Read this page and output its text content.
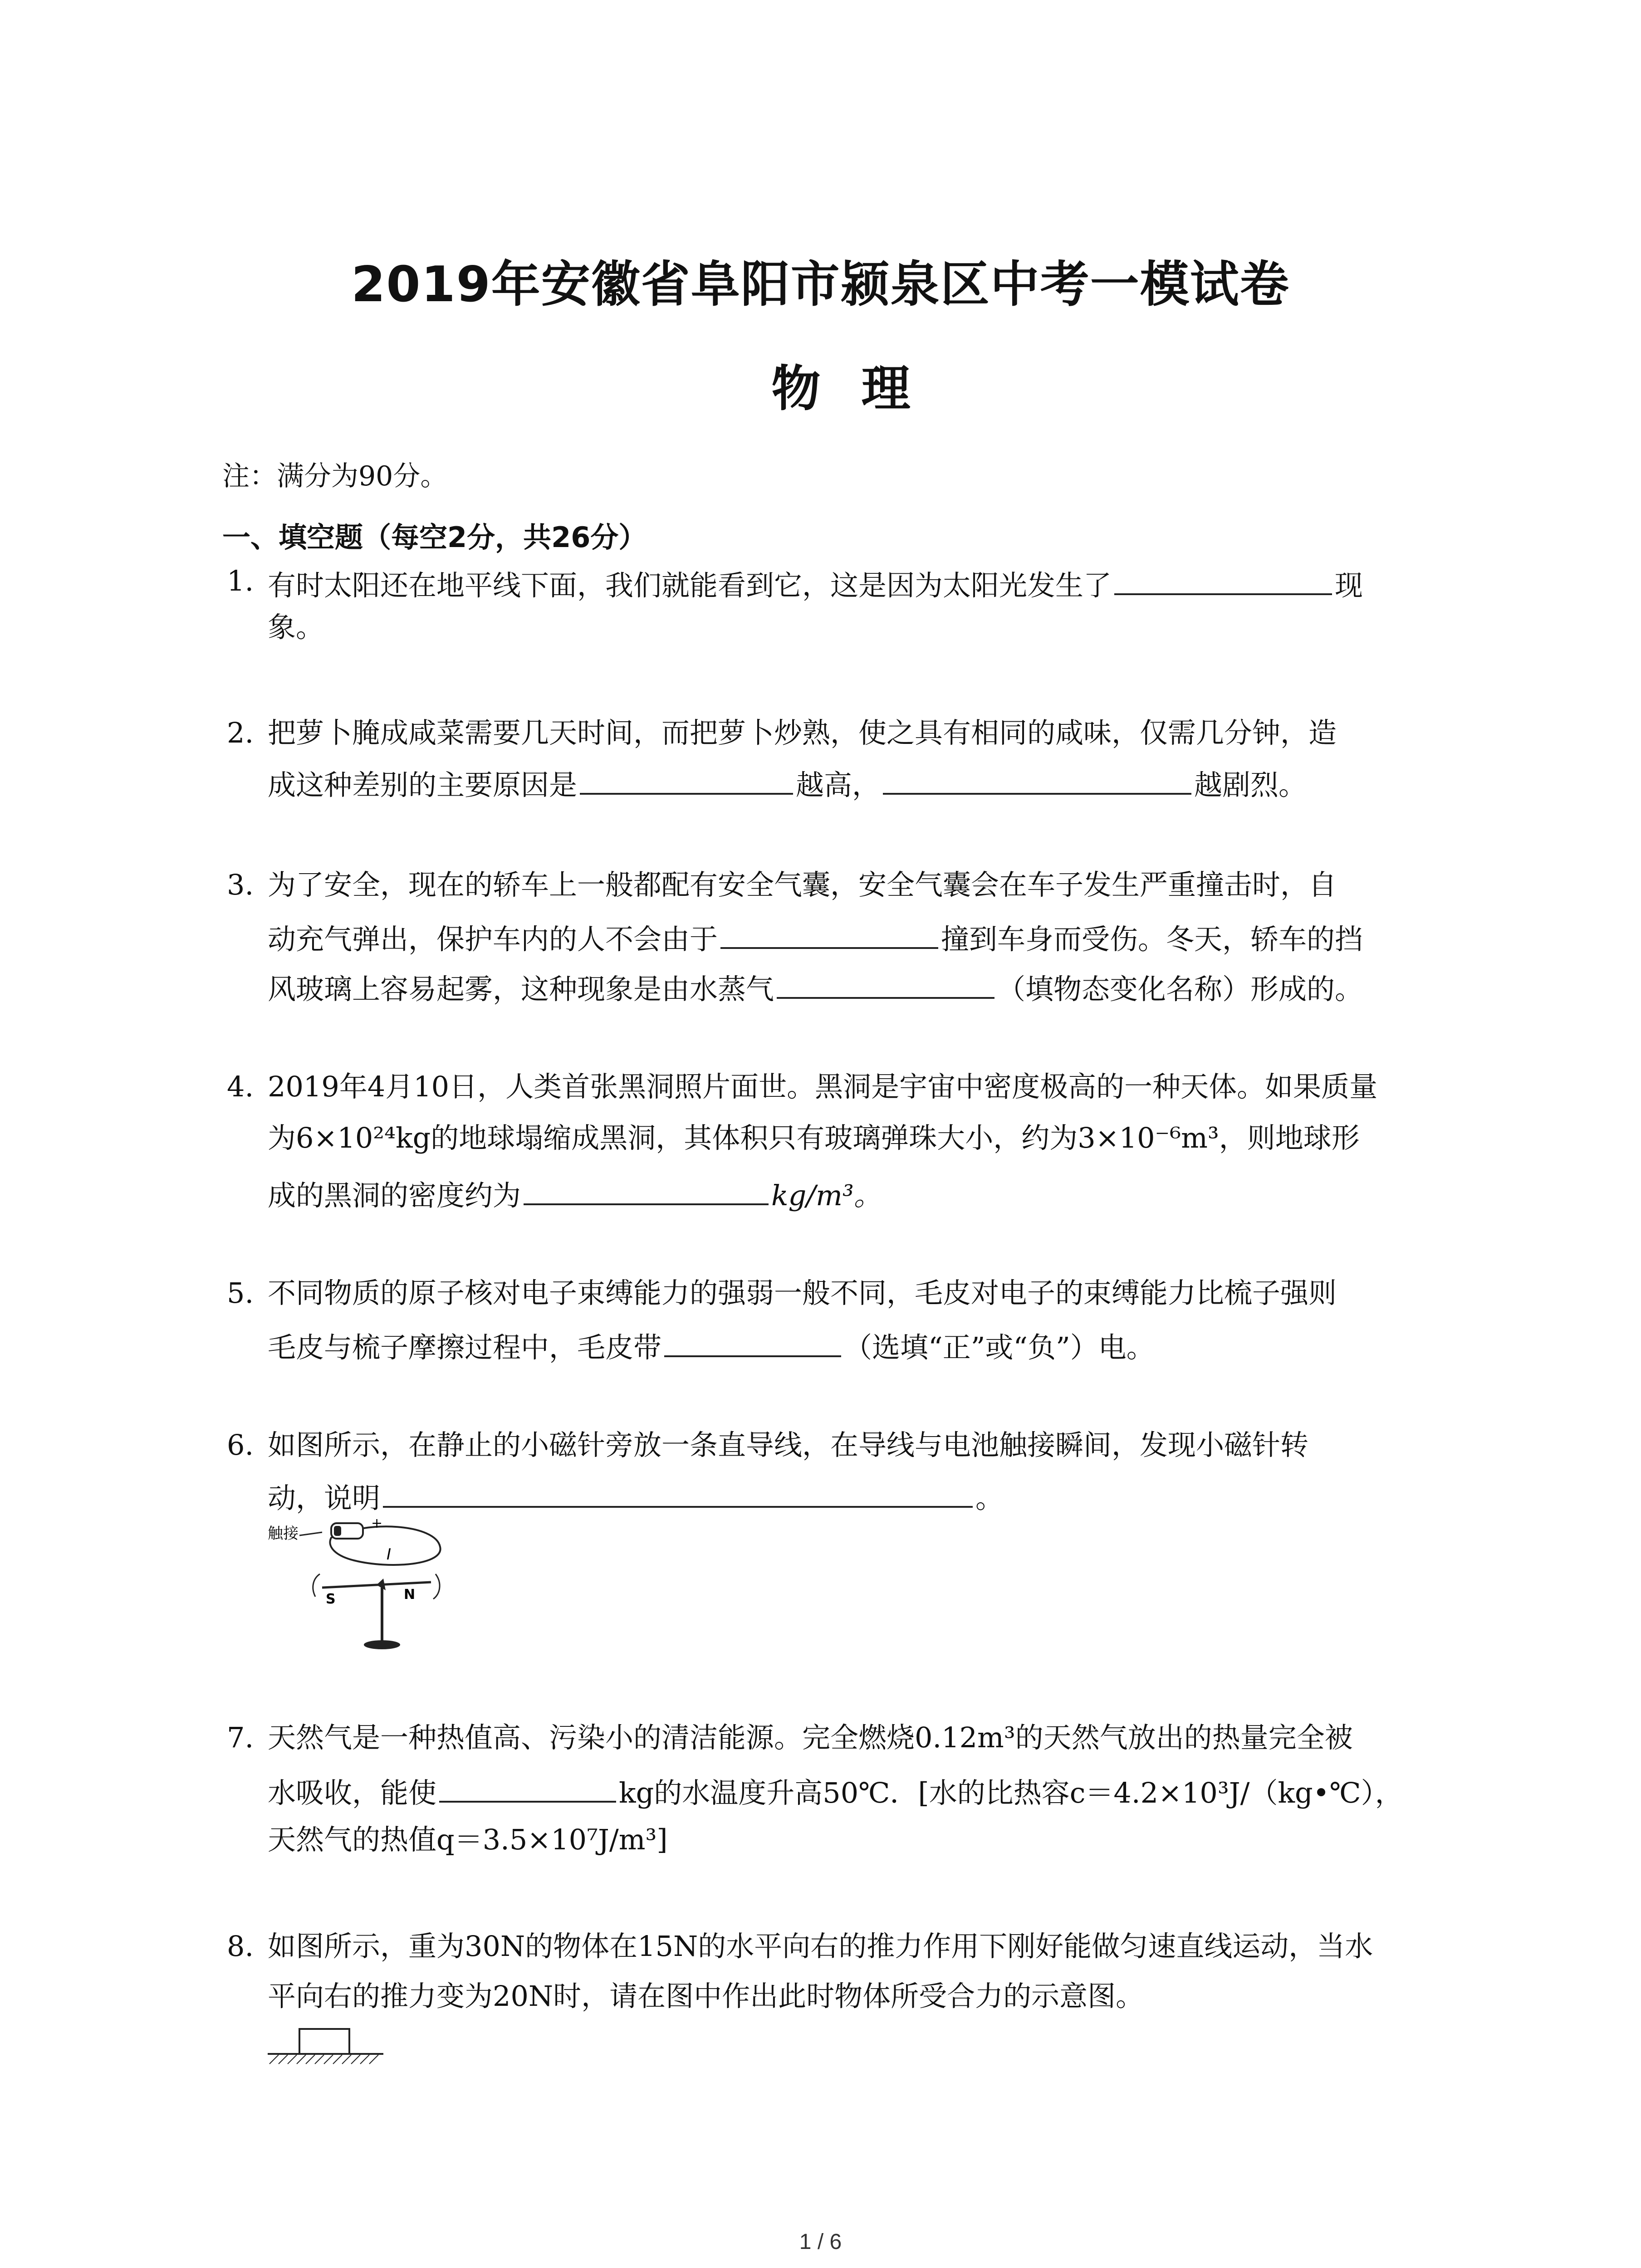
2019年安徽省阜阳市颍泉区中考一模试卷
物理
注：满分为90分。
一、填空题（每空2分，共26分）
1. 有时太阳还在地平线下面，我们就能看到它，这是因为太阳光发生了	现
象。
2. 把萝卜腌成咸菜需要几天时间，而把萝卜炒熟，使之具有相同的咸味，仅需几分钟，造
成这种差别的主要原因是	越高，	越剧烈。
3. 为了安全，现在的轿车上一般都配有安全气囊，安全气囊会在车子发生严重撞击时，自
动充气弹出，保护车内的人不会由于	撞到车身而受伤。冬天，轿车的挡
风玻璃上容易起雾，这种现象是由水蒸气	（填物态变化名称）形成的。
4. 2019年4月10日，人类首张黑洞照片面世。黑洞是宇宙中密度极高的一种天体。如果质量
为6×10²⁴kg的地球塌缩成黑洞，其体积只有玻璃弹珠大小，约为3×10⁻⁶m³，则地球形
成的黑洞的密度约为	kg/m³。
5. 不同物质的原子核对电子束缚能力的强弱一般不同，毛皮对电子的束缚能力比梳子强则
毛皮与梳子摩擦过程中，毛皮带	（选填“正”或“负”）电。
6. 如图所示，在静止的小磁针旁放一条直导线，在导线与电池触接瞬间，发现小磁针转
动，说明	。
触接
+
I
S	N
7. 天然气是一种热值高、污染小的清洁能源。完全燃烧0.12m³的天然气放出的热量完全被
水吸收，能使	kg的水温度升高50℃．[水的比热容c＝4.2×10³J/（kg•℃），
天然气的热值q＝3.5×10⁷J/m³]
8. 如图所示，重为30N的物体在15N的水平向右的推力作用下刚好能做匀速直线运动，当水
平向右的推力变为20N时，请在图中作出此时物体所受合力的示意图。
1 / 6
